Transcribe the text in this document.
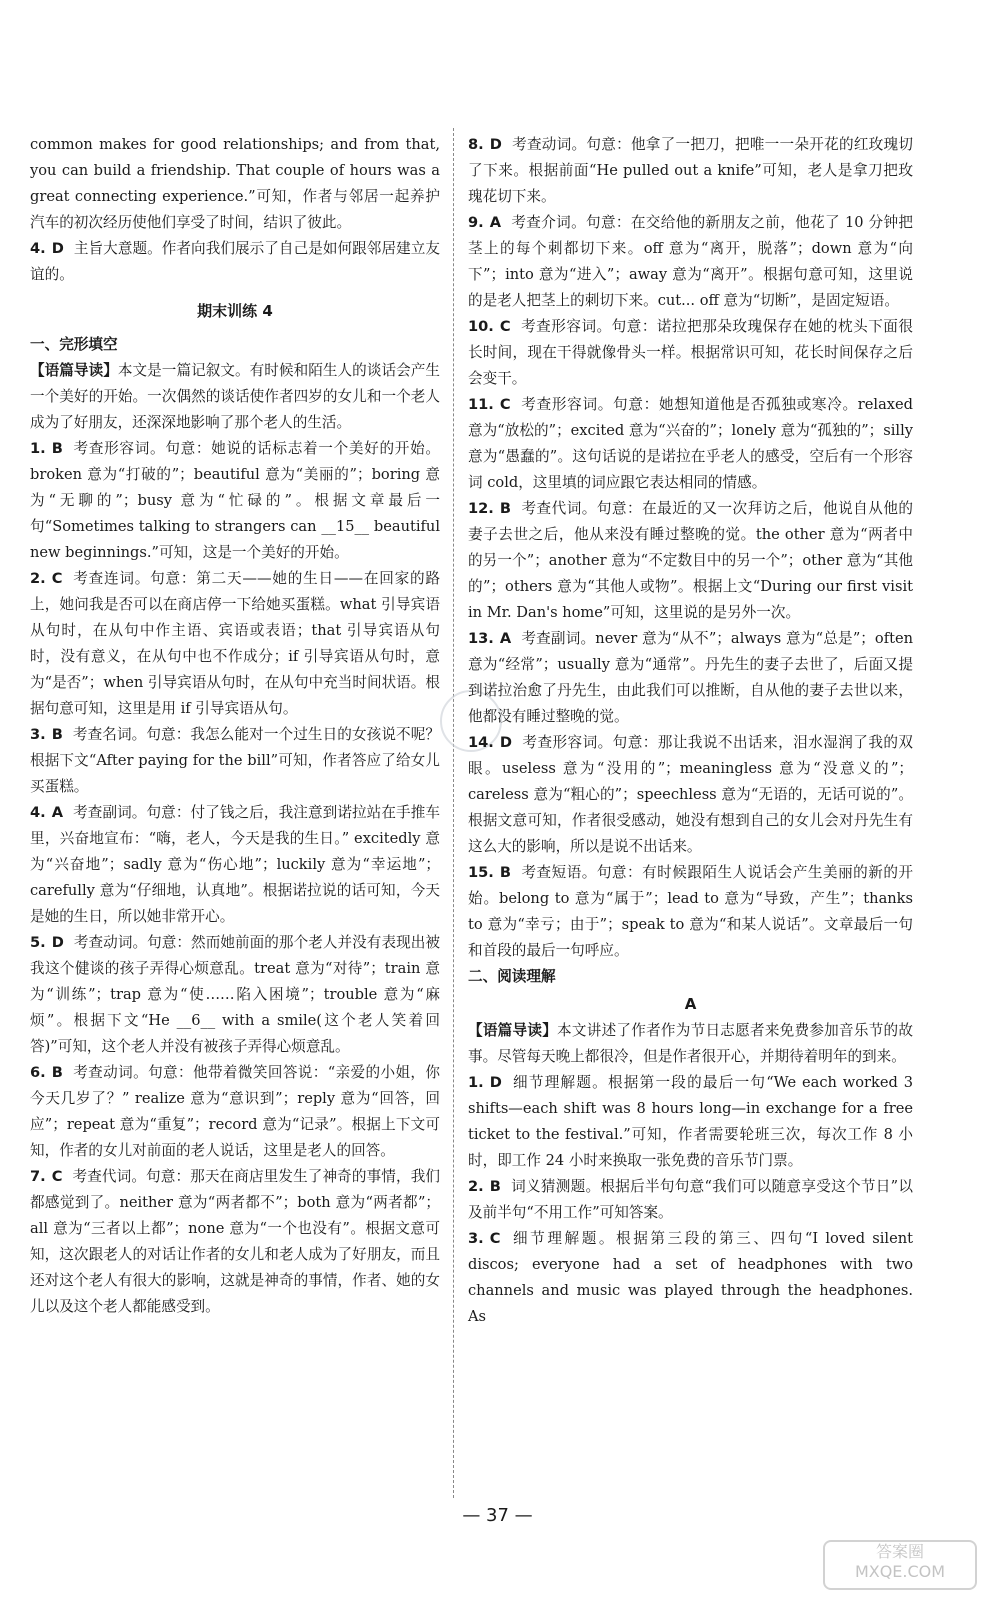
common makes for good relationships; and from that, you can build a friendship. That couple of hours was a great connecting experience.”可知，作者与邻居一起养护汽车的初次经历使他们享受了时间，结识了彼此。

4. D 主旨大意题。作者向我们展示了自己是如何跟邻居建立友谊的。

期末训练 4
一、完形填空

【语篇导读】本文是一篇记叙文。有时候和陌生人的谈话会产生一个美好的开始。一次偶然的谈话使作者四岁的女儿和一个老人成为了好朋友，还深深地影响了那个老人的生活。

1. B 考查形容词。句意：她说的话标志着一个美好的开始。broken 意为“打破的”；beautiful 意为“美丽的”；boring 意为“无聊的”；busy 意为“忙碌的”。根据文章最后一句“Sometimes talking to strangers can __15__ beautiful new beginnings.”可知，这是一个美好的开始。

2. C 考查连词。句意：第二天——她的生日——在回家的路上，她问我是否可以在商店停一下给她买蛋糕。what 引导宾语从句时，在从句中作主语、宾语或表语；that 引导宾语从句时，没有意义，在从句中也不作成分；if 引导宾语从句时，意为“是否”；when 引导宾语从句时，在从句中充当时间状语。根据句意可知，这里是用 if 引导宾语从句。

3. B 考查名词。句意：我怎么能对一个过生日的女孩说不呢？根据下文“After paying for the bill”可知，作者答应了给女儿买蛋糕。

4. A 考查副词。句意：付了钱之后，我注意到诺拉站在手推车里，兴奋地宣布：“嗨，老人，今天是我的生日。” excitedly 意为“兴奋地”；sadly 意为“伤心地”；luckily 意为“幸运地”；carefully 意为“仔细地，认真地”。根据诺拉说的话可知，今天是她的生日，所以她非常开心。

5. D 考查动词。句意：然而她前面的那个老人并没有表现出被我这个健谈的孩子弄得心烦意乱。treat 意为“对待”；train 意为“训练”；trap 意为“使……陷入困境”；trouble 意为“麻烦”。根据下文“He __6__ with a smile(这个老人笑着回答)”可知，这个老人并没有被孩子弄得心烦意乱。

6. B 考查动词。句意：他带着微笑回答说：“亲爱的小姐，你今天几岁了？” realize 意为“意识到”；reply 意为“回答，回应”；repeat 意为“重复”；record 意为“记录”。根据上下文可知，作者的女儿对前面的老人说话，这里是老人的回答。

7. C 考查代词。句意：那天在商店里发生了神奇的事情，我们都感觉到了。neither 意为“两者都不”；both 意为“两者都”；all 意为“三者以上都”；none 意为“一个也没有”。根据文意可知，这次跟老人的对话让作者的女儿和老人成为了好朋友，而且还对这个老人有很大的影响，这就是神奇的事情，作者、她的女儿以及这个老人都能感受到。

8. D 考查动词。句意：他拿了一把刀，把唯一一朵开花的红玫瑰切了下来。根据前面“He pulled out a knife”可知，老人是拿刀把玫瑰花切下来。

9. A 考查介词。句意：在交给他的新朋友之前，他花了 10 分钟把茎上的每个刺都切下来。off 意为“离开，脱落”；down 意为“向下”；into 意为“进入”；away 意为“离开”。根据句意可知，这里说的是老人把茎上的刺切下来。cut... off 意为“切断”，是固定短语。

10. C 考查形容词。句意：诺拉把那朵玫瑰保存在她的枕头下面很长时间，现在干得就像骨头一样。根据常识可知，花长时间保存之后会变干。

11. C 考查形容词。句意：她想知道他是否孤独或寒冷。relaxed 意为“放松的”；excited 意为“兴奋的”；lonely 意为“孤独的”；silly 意为“愚蠢的”。这句话说的是诺拉在乎老人的感受，空后有一个形容词 cold，这里填的词应跟它表达相同的情感。

12. B 考查代词。句意：在最近的又一次拜访之后，他说自从他的妻子去世之后，他从来没有睡过整晚的觉。the other 意为“两者中的另一个”；another 意为“不定数目中的另一个”；other 意为“其他的”；others 意为“其他人或物”。根据上文“During our first visit in Mr. Dan's home”可知，这里说的是另外一次。

13. A 考查副词。never 意为“从不”；always 意为“总是”；often 意为“经常”；usually 意为“通常”。丹先生的妻子去世了，后面又提到诺拉治愈了丹先生，由此我们可以推断，自从他的妻子去世以来，他都没有睡过整晚的觉。

14. D 考查形容词。句意：那让我说不出话来，泪水湿润了我的双眼。useless 意为“没用的”；meaningless 意为“没意义的”；careless 意为“粗心的”；speechless 意为“无语的，无话可说的”。根据文意可知，作者很受感动，她没有想到自己的女儿会对丹先生有这么大的影响，所以是说不出话来。

15. B 考查短语。句意：有时候跟陌生人说话会产生美丽的新的开始。belong to 意为“属于”；lead to 意为“导致，产生”；thanks to 意为“幸亏；由于”；speak to 意为“和某人说话”。文章最后一句和首段的最后一句呼应。

二、阅读理解
A

【语篇导读】本文讲述了作者作为节日志愿者来免费参加音乐节的故事。尽管每天晚上都很冷，但是作者很开心，并期待着明年的到来。

1. D 细节理解题。根据第一段的最后一句“We each worked 3 shifts—each shift was 8 hours long—in exchange for a free ticket to the festival.”可知，作者需要轮班三次，每次工作 8 小时，即工作 24 小时来换取一张免费的音乐节门票。

2. B 词义猜测题。根据后半句句意“我们可以随意享受这个节日”以及前半句“不用工作”可知答案。

3. C 细节理解题。根据第三段的第三、四句“I loved silent discos; everyone had a set of headphones with two channels and music was played through the headphones. As

— 37 —
答案圈
MXQE.COM
